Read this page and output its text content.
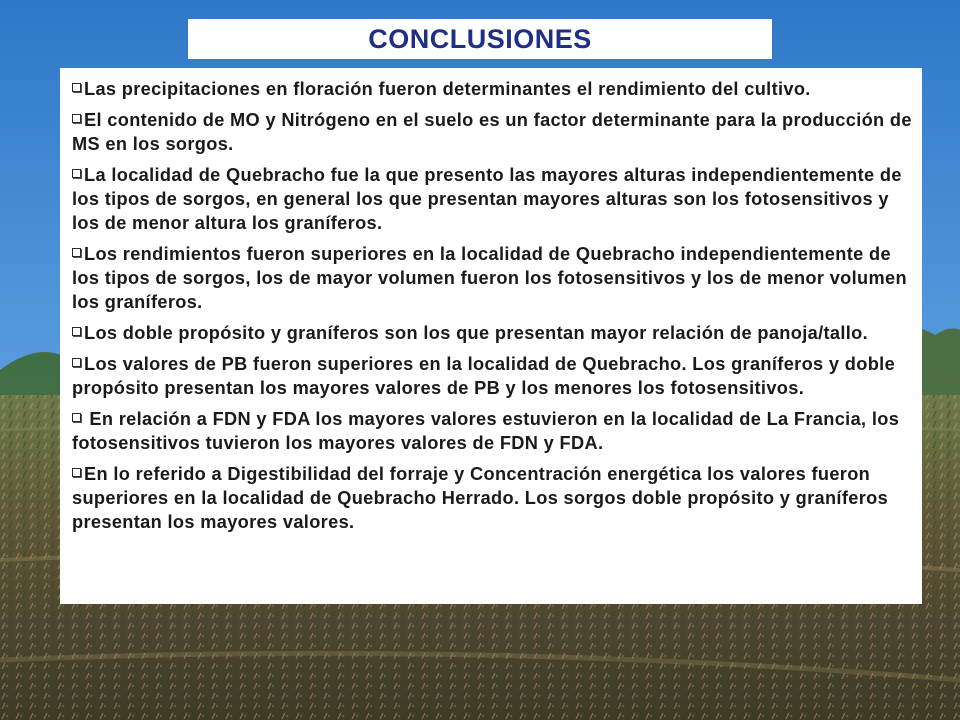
CONCLUSIONES

Las precipitaciones en floración fueron determinantes el rendimiento del cultivo.

El contenido de MO y Nitrógeno en el suelo es un factor determinante para la producción de MS en los sorgos.

La localidad de Quebracho fue la que presento las mayores alturas independientemente de los tipos de sorgos, en general los que presentan mayores alturas son los fotosensitivos y los de menor altura los graníferos.

Los rendimientos fueron superiores en la localidad de Quebracho independientemente de los tipos de sorgos, los de mayor volumen fueron los fotosensitivos y los de menor volumen los graníferos.

Los doble propósito y graníferos son los que presentan mayor relación de panoja/tallo.

Los valores de PB fueron superiores en la localidad de Quebracho. Los graníferos y doble propósito presentan los mayores valores de PB y los menores los fotosensitivos.

En relación a FDN y FDA los mayores valores estuvieron en la localidad de La Francia, los fotosensitivos tuvieron los mayores valores de FDN y FDA.

En lo referido a Digestibilidad del forraje y Concentración energética los valores fueron superiores en la localidad de Quebracho Herrado. Los sorgos doble propósito y graníferos presentan los mayores valores.
